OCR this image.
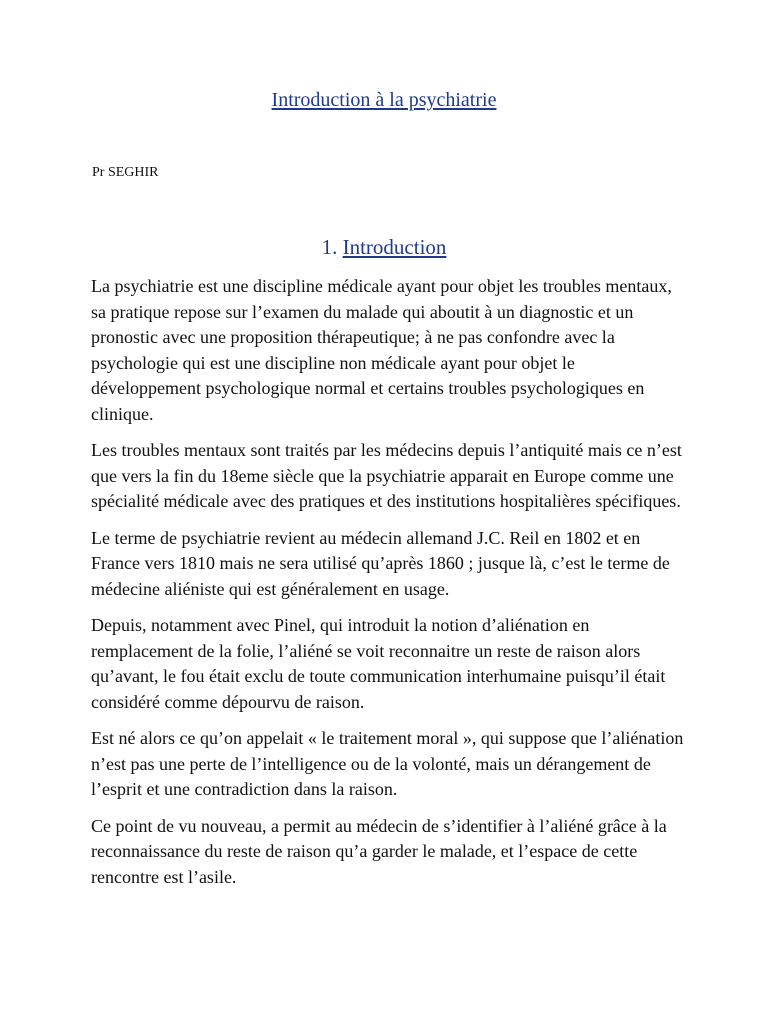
Introduction à la psychiatrie

Pr SEGHIR

1. Introduction

La psychiatrie est une discipline médicale ayant pour objet les troubles mentaux, sa pratique repose sur l’examen du malade qui aboutit à un diagnostic et un pronostic avec une proposition thérapeutique; à ne pas confondre avec la psychologie qui est une discipline non médicale ayant pour objet le développement psychologique normal et certains troubles psychologiques en clinique.

Les troubles mentaux sont traités par les médecins depuis l’antiquité mais ce n’est que vers la fin du 18eme siècle que la psychiatrie apparait en Europe comme une spécialité médicale avec des pratiques et des institutions hospitalières spécifiques.

Le terme de psychiatrie revient au médecin allemand J.C. Reil en 1802 et en France vers 1810 mais ne sera utilisé qu’après 1860 ; jusque là, c’est le terme de médecine aliéniste qui est généralement en usage.

Depuis, notamment avec Pinel, qui introduit la notion d’aliénation en remplacement de la folie, l’aliéné se voit reconnaitre un reste de raison alors qu’avant, le fou était exclu de toute communication interhumaine puisqu’il était considéré comme dépourvu de raison.

Est né alors ce qu’on appelait « le traitement moral », qui suppose que l’aliénation n’est pas une perte de l’intelligence ou de la volonté, mais un dérangement de l’esprit et une contradiction dans la raison.

Ce point de vu nouveau, a permit au médecin de s’identifier à l’aliéné grâce à la reconnaissance du reste de raison qu’a garder le malade, et l’espace de cette rencontre est l’asile.
